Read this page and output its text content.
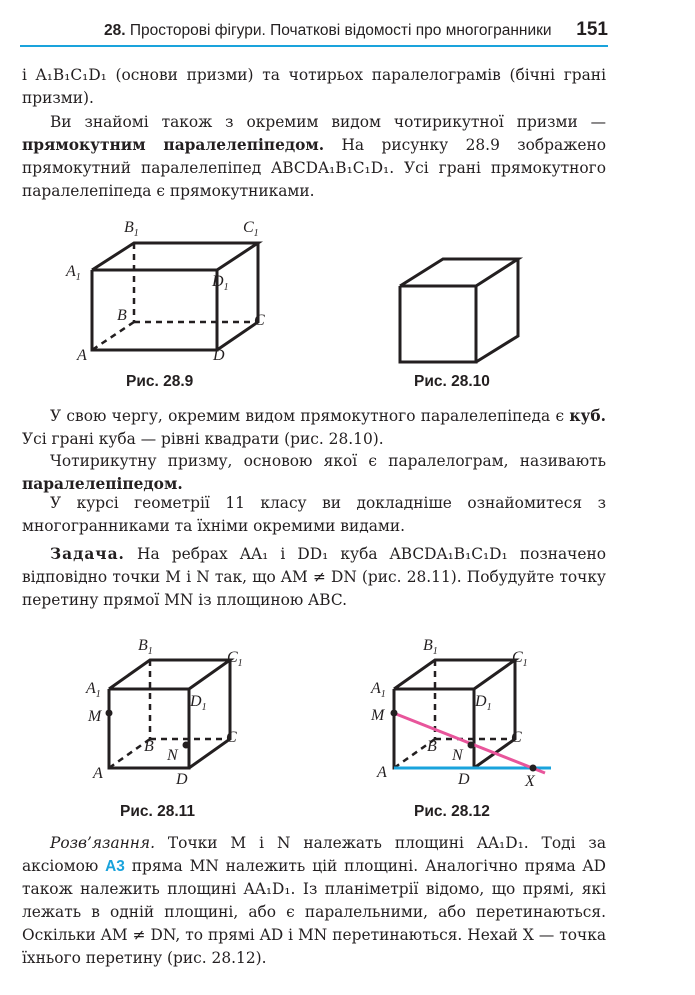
28. Просторові фігури. Початкові відомості про многогранники 151

і A₁B₁C₁D₁ (основи призми) та чотирьох паралелограмів (бічні грані призми).

Ви знайомі також з окремим видом чотирикутної призми — прямокутним паралелепіпедом. На рисунку 28.9 зображено прямокутний паралелепіпед ABCDA₁B₁C₁D₁. Усі грані прямокутного паралелепіпеда є прямокутниками.

$B_1$	$C_1$
$A_1$	$D_1$
B	C
A	D
Рис. 28.9	Рис. 28.10

У свою чергу, окремим видом прямокутного паралелепіпеда є куб. Усі грані куба — рівні квадрати (рис. 28.10).

Чотирикутну призму, основою якої є паралелограм, називають паралелепіпедом.

У курсі геометрії 11 класу ви докладніше ознайомитеся з многогранниками та їхніми окремими видами.

Задача. На ребрах AA₁ і DD₁ куба ABCDA₁B₁C₁D₁ позначено відповідно точки M і N так, що AM ≠ DN (рис. 28.11). Побудуйте точку перетину прямої MN із площиною ABC.

$B_1$	$C_1$
$A_1$	$D_1$
M
B
C
N
A	D
Рис. 28.11
$B_1$	$C_1$
$A_1$	$D_1$
M
B
C
N
A	D	X
Рис. 28.12

Розв’язання. Точки M і N належать площині AA₁D₁. Тоді за аксіомою А3 пряма MN належить цій площині. Аналогічно пряма AD також належить площині AA₁D₁. Із планіметрії відомо, що прямі, які лежать в одній площині, або є паралельними, або перетинаються. Оскільки AM ≠ DN, то прямі AD і MN перетинаються. Нехай X — точка їхнього перетину (рис. 28.12).
